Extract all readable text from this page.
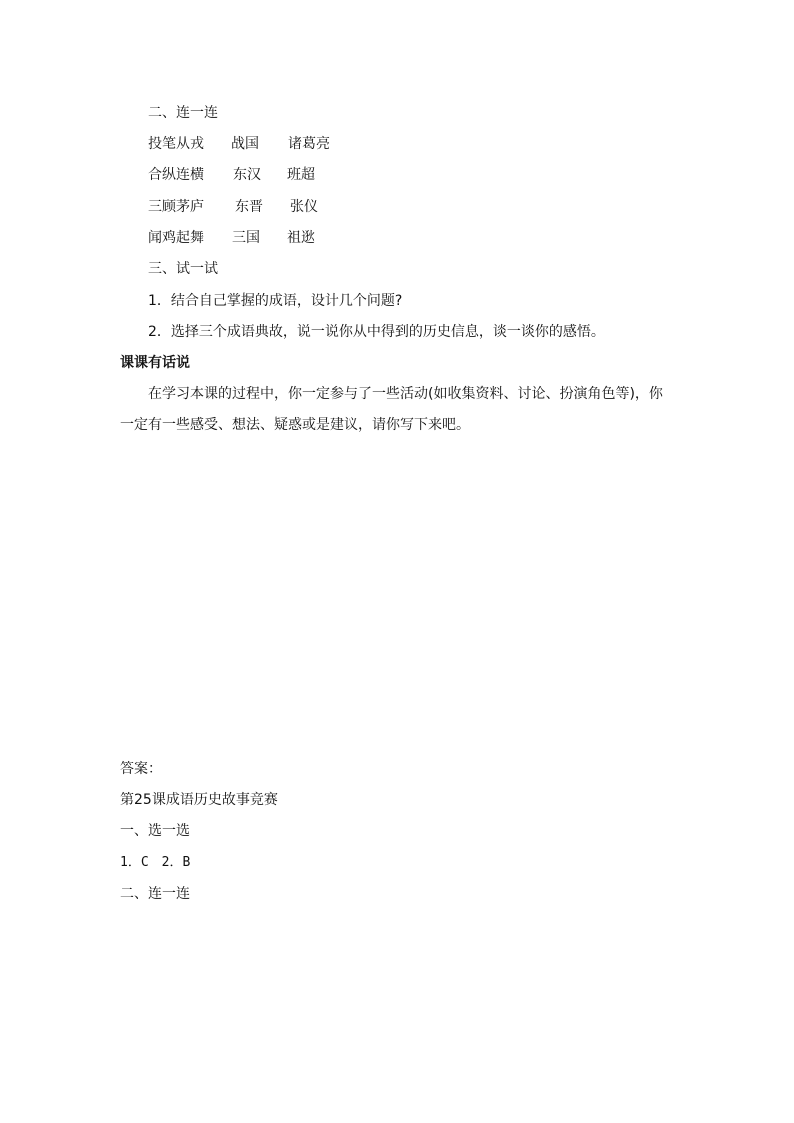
二、连一连
投笔从戎 战国 诸葛亮
合纵连横 东汉 班超
三顾茅庐 东晋 张仪
闻鸡起舞 三国 祖逖
三、试一试
1．结合自己掌握的成语，设计几个问题?
2．选择三个成语典故，说一说你从中得到的历史信息，谈一谈你的感悟。
课课有话说
在学习本课的过程中，你一定参与了一些活动(如收集资料、讨论、扮演角色等)，你
一定有一些感受、想法、疑惑或是建议，请你写下来吧。
答案：
第25课成语历史故事竞赛
一、选一选
1．C　2．B
二、连一连
